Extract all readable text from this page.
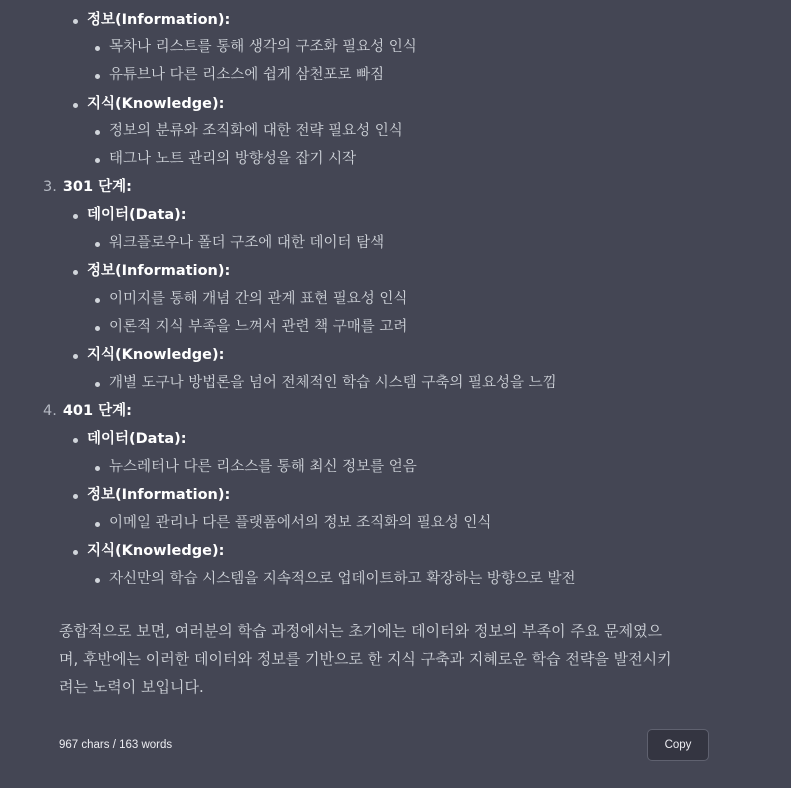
정보(Information):
목차나 리스트를 통해 생각의 구조화 필요성 인식
유튜브나 다른 리소스에 쉽게 삼천포로 빠짐
지식(Knowledge):
정보의 분류와 조직화에 대한 전략 필요성 인식
태그나 노트 관리의 방향성을 잡기 시작
3. 301 단계:
데이터(Data):
워크플로우나 폴더 구조에 대한 데이터 탐색
정보(Information):
이미지를 통해 개념 간의 관계 표현 필요성 인식
이론적 지식 부족을 느껴서 관련 책 구매를 고려
지식(Knowledge):
개별 도구나 방법론을 넘어 전체적인 학습 시스템 구축의 필요성을 느낌
4. 401 단계:
데이터(Data):
뉴스레터나 다른 리소스를 통해 최신 정보를 얻음
정보(Information):
이메일 관리나 다른 플랫폼에서의 정보 조직화의 필요성 인식
지식(Knowledge):
자신만의 학습 시스템을 지속적으로 업데이트하고 확장하는 방향으로 발전

종합적으로 보면, 여러분의 학습 과정에서는 초기에는 데이터와 정보의 부족이 주요 문제였으

며, 후반에는 이러한 데이터와 정보를 기반으로 한 지식 구축과 지혜로운 학습 전략을 발전시키

려는 노력이 보입니다.

967 chars / 163 words	Copy
